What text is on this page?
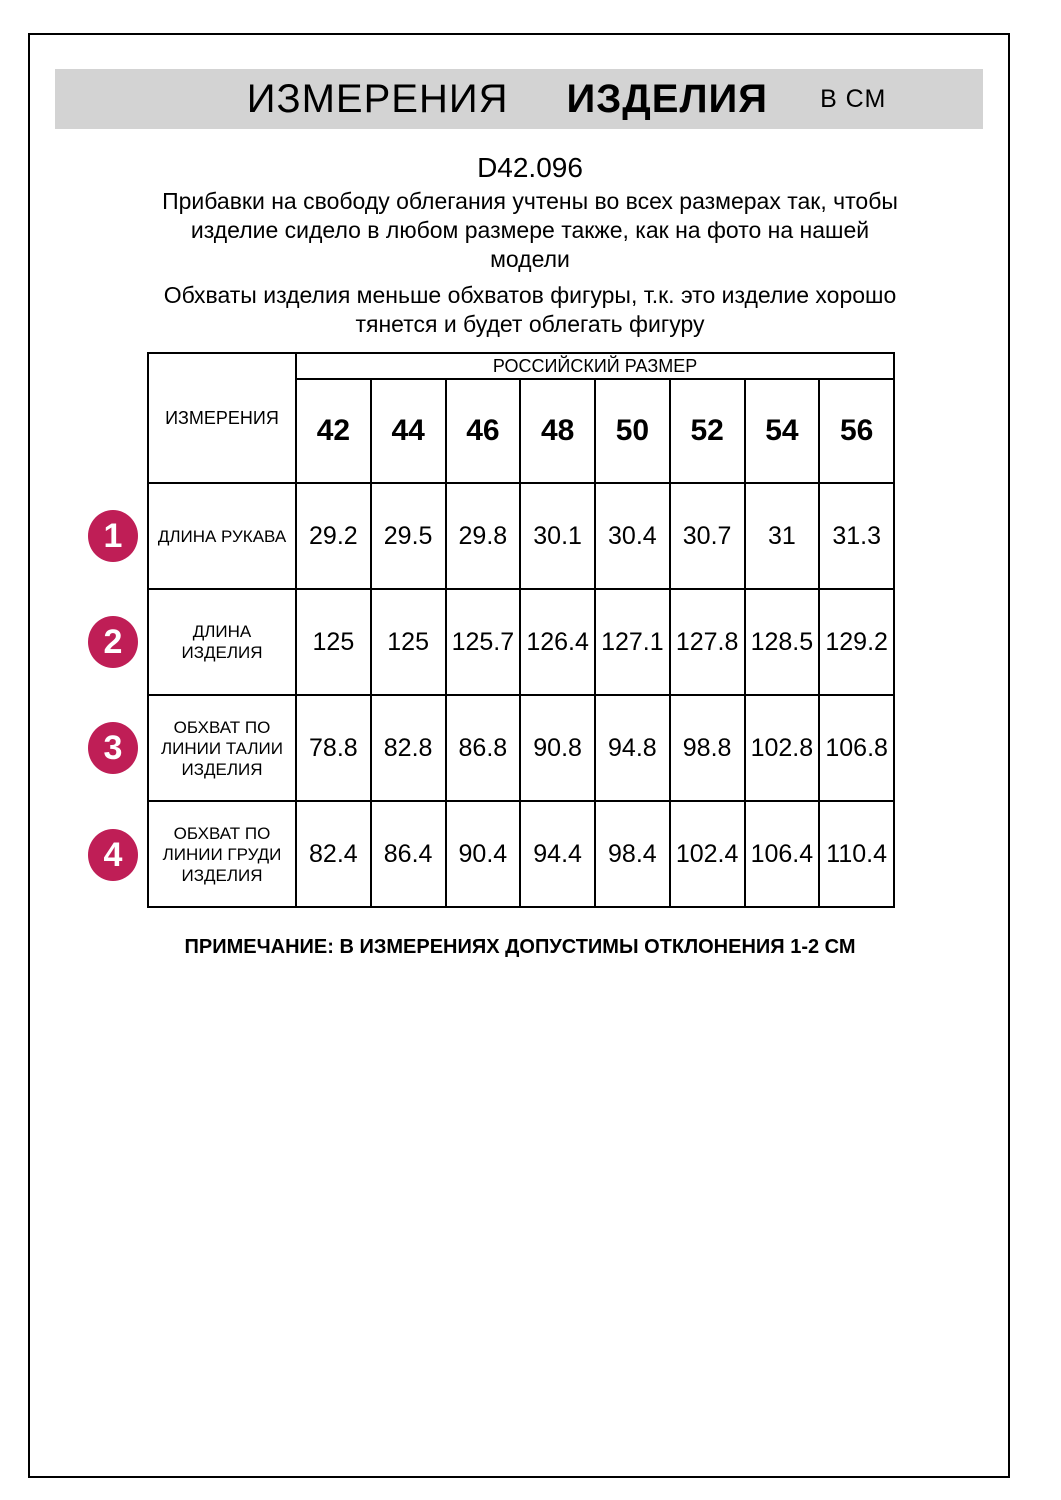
ИЗМЕРЕНИЯ ИЗДЕЛИЯ В СМ
D42.096
Прибавки на свободу облегания учтены во всех размерах так, чтобы
изделие сидело в любом размере также, как на фото на нашей
модели
Обхваты изделия меньше обхватов фигуры, т.к. это изделие хорошо
тянется и будет облегать фигуру
ИЗМЕРЕНИЯ	РОССИЙСКИЙ РАЗМЕР							
	42	44	46	48	50	52	54	56
ДЛИНА РУКАВА	29.2	29.5	29.8	30.1	30.4	30.7	31	31.3
ДЛИНА ИЗДЕЛИЯ	125	125	125.7	126.4	127.1	127.8	128.5	129.2
ОБХВАТ ПО ЛИНИИ ТАЛИИ ИЗДЕЛИЯ	78.8	82.8	86.8	90.8	94.8	98.8	102.8	106.8
ОБХВАТ ПО ЛИНИИ ГРУДИ ИЗДЕЛИЯ	82.4	86.4	90.4	94.4	98.4	102.4	106.4	110.4
1
2
3
4
ПРИМЕЧАНИЕ: В ИЗМЕРЕНИЯХ ДОПУСТИМЫ ОТКЛОНЕНИЯ 1-2 СМ
